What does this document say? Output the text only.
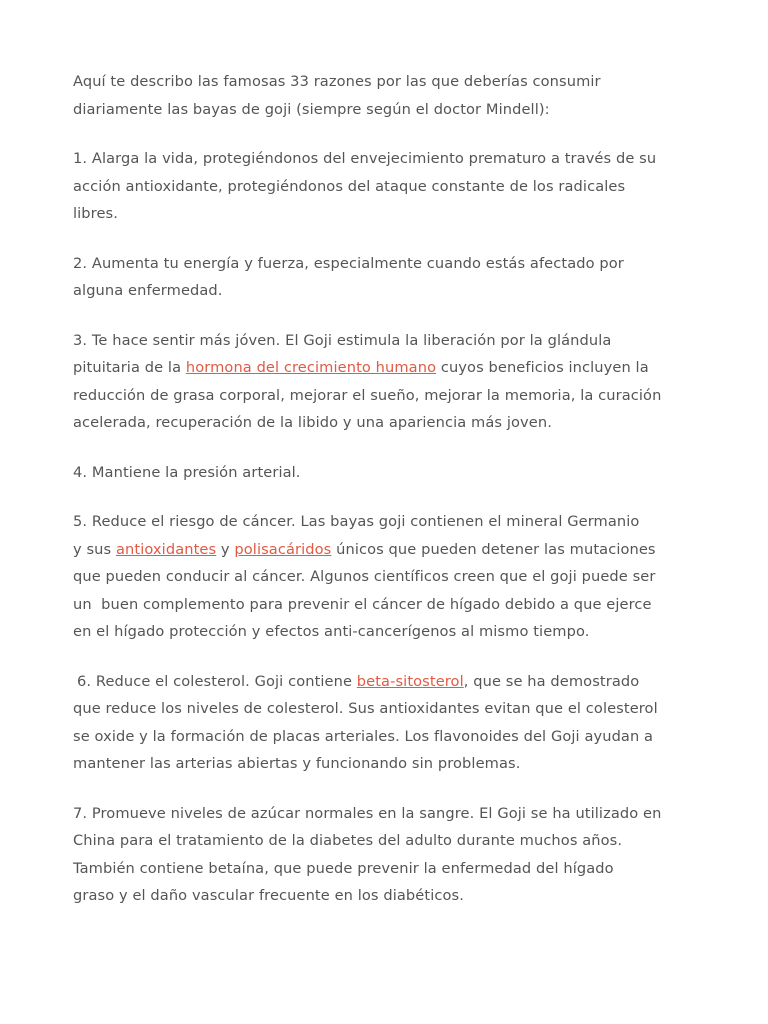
Aquí te describo las famosas 33 razones por las que deberías consumir
diariamente las bayas de goji (siempre según el doctor Mindell):

1. Alarga la vida, protegiéndonos del envejecimiento prematuro a través de su
acción antioxidante, protegiéndonos del ataque constante de los radicales
libres.

2. Aumenta tu energía y fuerza, especialmente cuando estás afectado por
alguna enfermedad.

3. Te hace sentir más jóven. El Goji estimula la liberación por la glándula
pituitaria de la hormona del crecimiento humano cuyos beneficios incluyen la
reducción de grasa corporal, mejorar el sueño, mejorar la memoria, la curación
acelerada, recuperación de la libido y una apariencia más joven.

4. Mantiene la presión arterial.

5. Reduce el riesgo de cáncer. Las bayas goji contienen el mineral Germanio
y sus antioxidantes y polisacáridos únicos que pueden detener las mutaciones
que pueden conducir al cáncer. Algunos científicos creen que el goji puede ser
un  buen complemento para prevenir el cáncer de hígado debido a que ejerce
en el hígado protección y efectos anti-cancerígenos al mismo tiempo.

6. Reduce el colesterol. Goji contiene beta-sitosterol, que se ha demostrado
que reduce los niveles de colesterol. Sus antioxidantes evitan que el colesterol
se oxide y la formación de placas arteriales. Los flavonoides del Goji ayudan a
mantener las arterias abiertas y funcionando sin problemas.

7. Promueve niveles de azúcar normales en la sangre. El Goji se ha utilizado en
China para el tratamiento de la diabetes del adulto durante muchos años.
También contiene betaína, que puede prevenir la enfermedad del hígado
graso y el daño vascular frecuente en los diabéticos.
